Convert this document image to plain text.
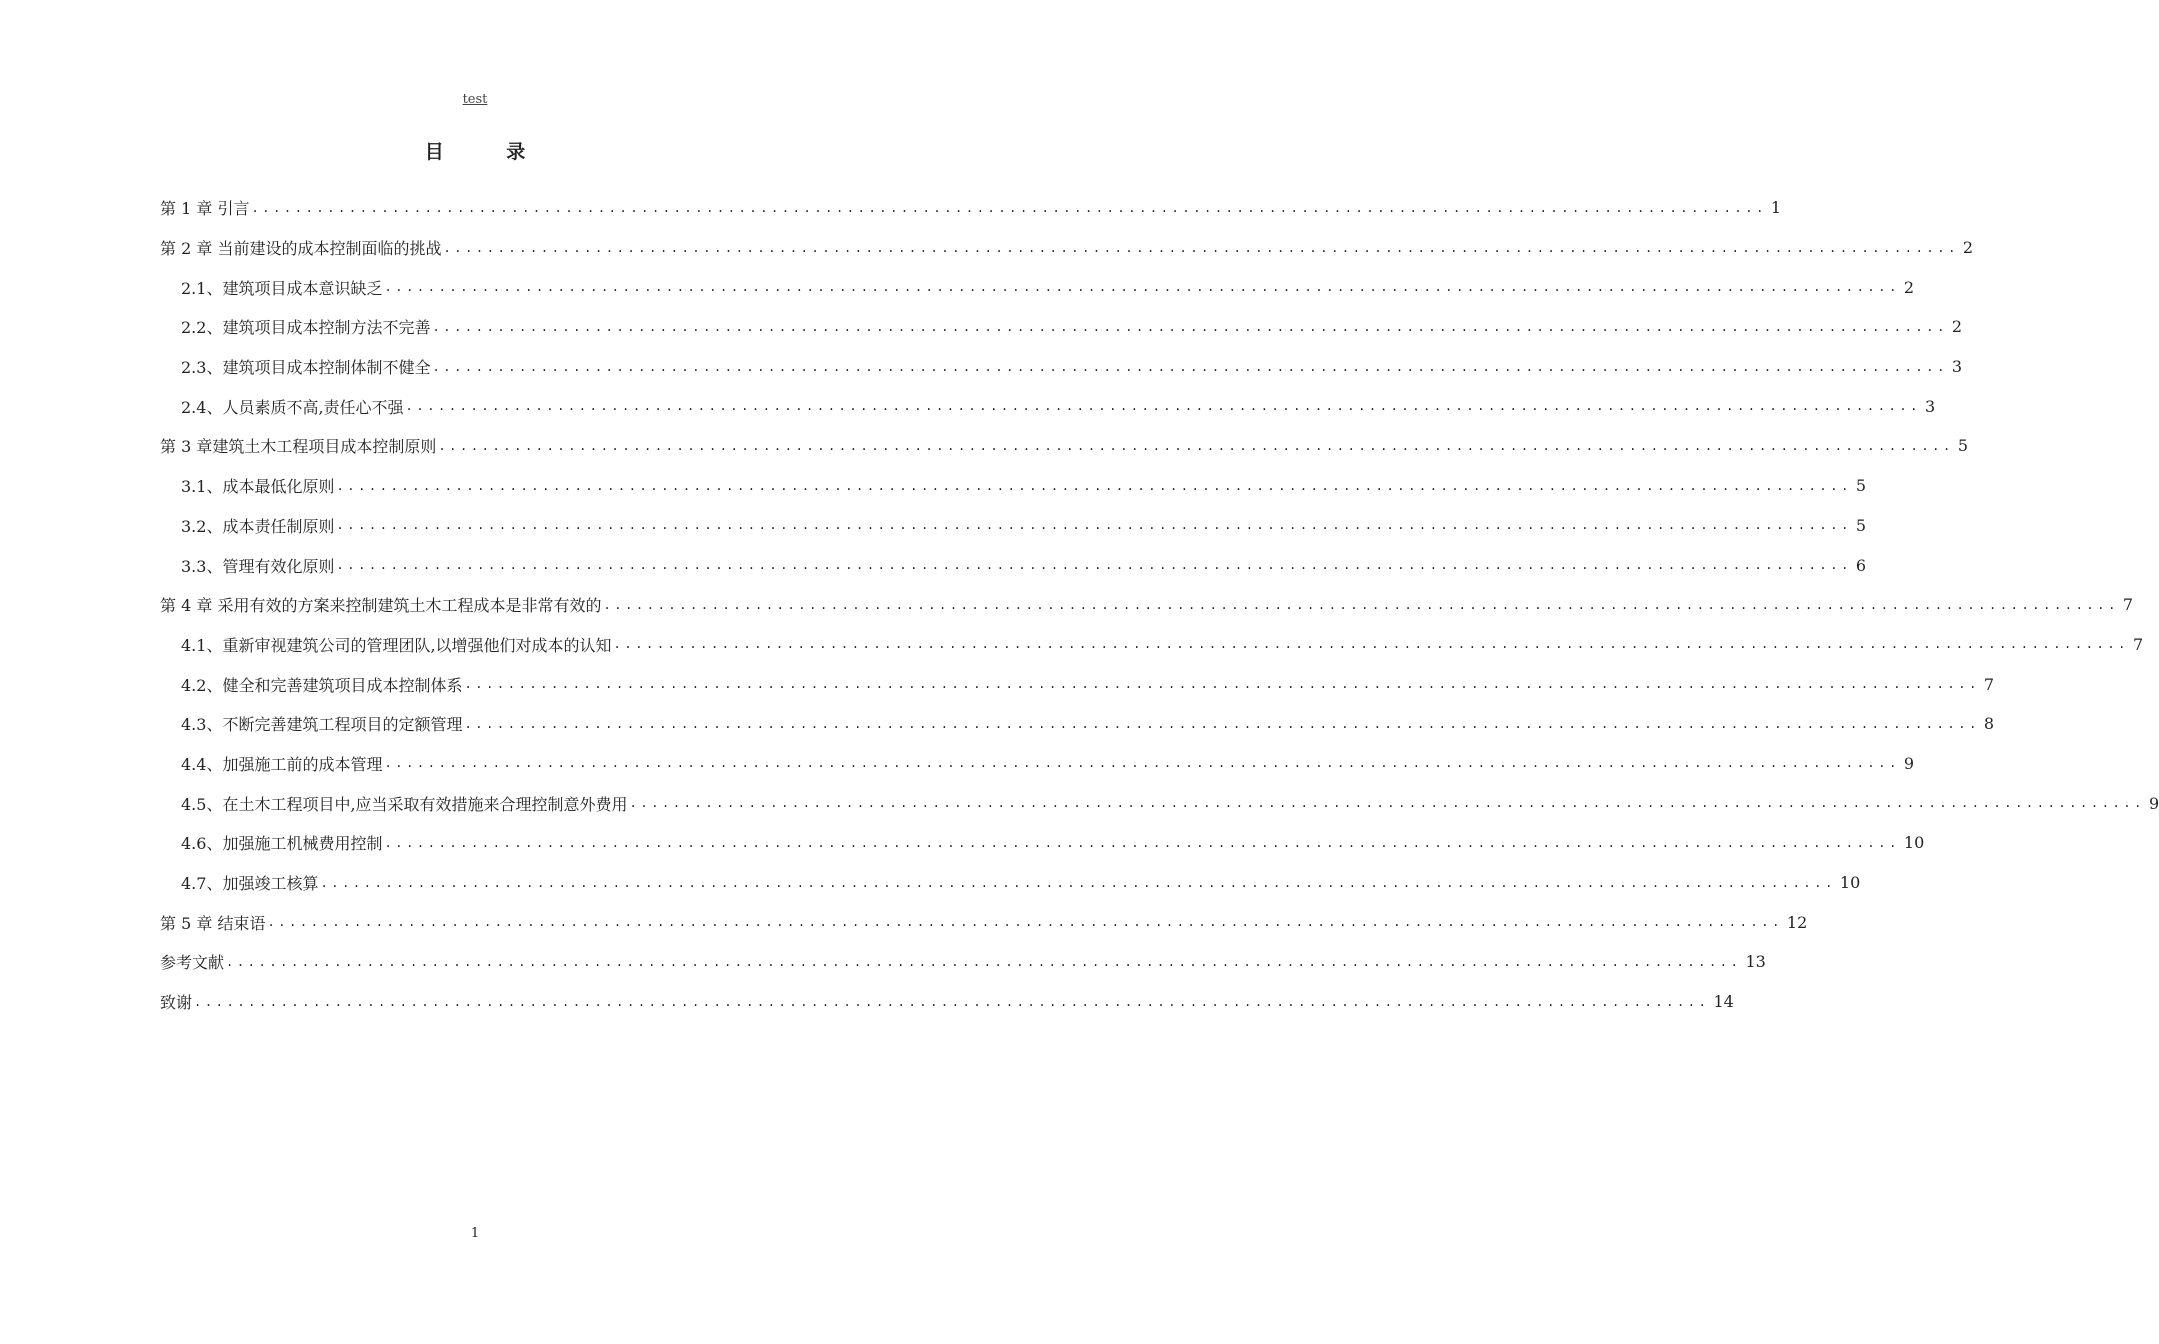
test
目 录
第 1 章 引言 ............................................................................................................................................ 1
第 2 章 当前建设的成本控制面临的挑战 ............................................................................................................................................ 2
2.1、建筑项目成本意识缺乏 ............................................................................................................................................ 2
2.2、建筑项目成本控制方法不完善 ............................................................................................................................................ 2
2.3、建筑项目成本控制体制不健全 ............................................................................................................................................ 3
2.4、人员素质不高,责任心不强 ............................................................................................................................................ 3
第 3 章建筑土木工程项目成本控制原则 ............................................................................................................................................ 5
3.1、成本最低化原则 ............................................................................................................................................ 5
3.2、成本责任制原则 ............................................................................................................................................ 5
3.3、管理有效化原则 ............................................................................................................................................ 6
第 4 章 采用有效的方案来控制建筑土木工程成本是非常有效的 ............................................................................................................................................ 7
4.1、重新审视建筑公司的管理团队,以增强他们对成本的认知 ............................................................................................................................................ 7
4.2、健全和完善建筑项目成本控制体系 ............................................................................................................................................ 7
4.3、不断完善建筑工程项目的定额管理 ............................................................................................................................................ 8
4.4、加强施工前的成本管理 ............................................................................................................................................ 9
4.5、在土木工程项目中,应当采取有效措施来合理控制意外费用 ............................................................................................................................................ 9
4.6、加强施工机械费用控制 ............................................................................................................................................ 10
4.7、加强竣工核算 ............................................................................................................................................ 10
第 5 章 结束语 ............................................................................................................................................ 12
参考文献 ............................................................................................................................................ 13
致谢 ............................................................................................................................................ 14
1
